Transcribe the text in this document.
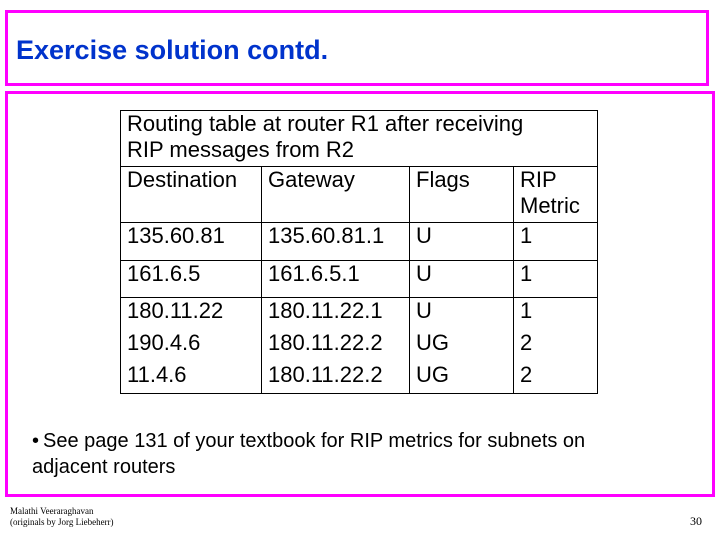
Exercise solution contd.
Routing table at router R1 after receiving
RIP messages from R2			
Destination	Gateway	Flags	RIP Metric
135.60.81	135.60.81.1	U	1
161.6.5	161.6.5.1	U	1
180.11.22	180.11.22.1	U	1
190.4.6	180.11.22.2	UG	2
11.4.6	180.11.22.2	UG	2
• See page 131 of your textbook for RIP metrics for subnets on adjacent routers
Malathi Veeraraghavan
(originals by Jorg Liebeherr)	30
